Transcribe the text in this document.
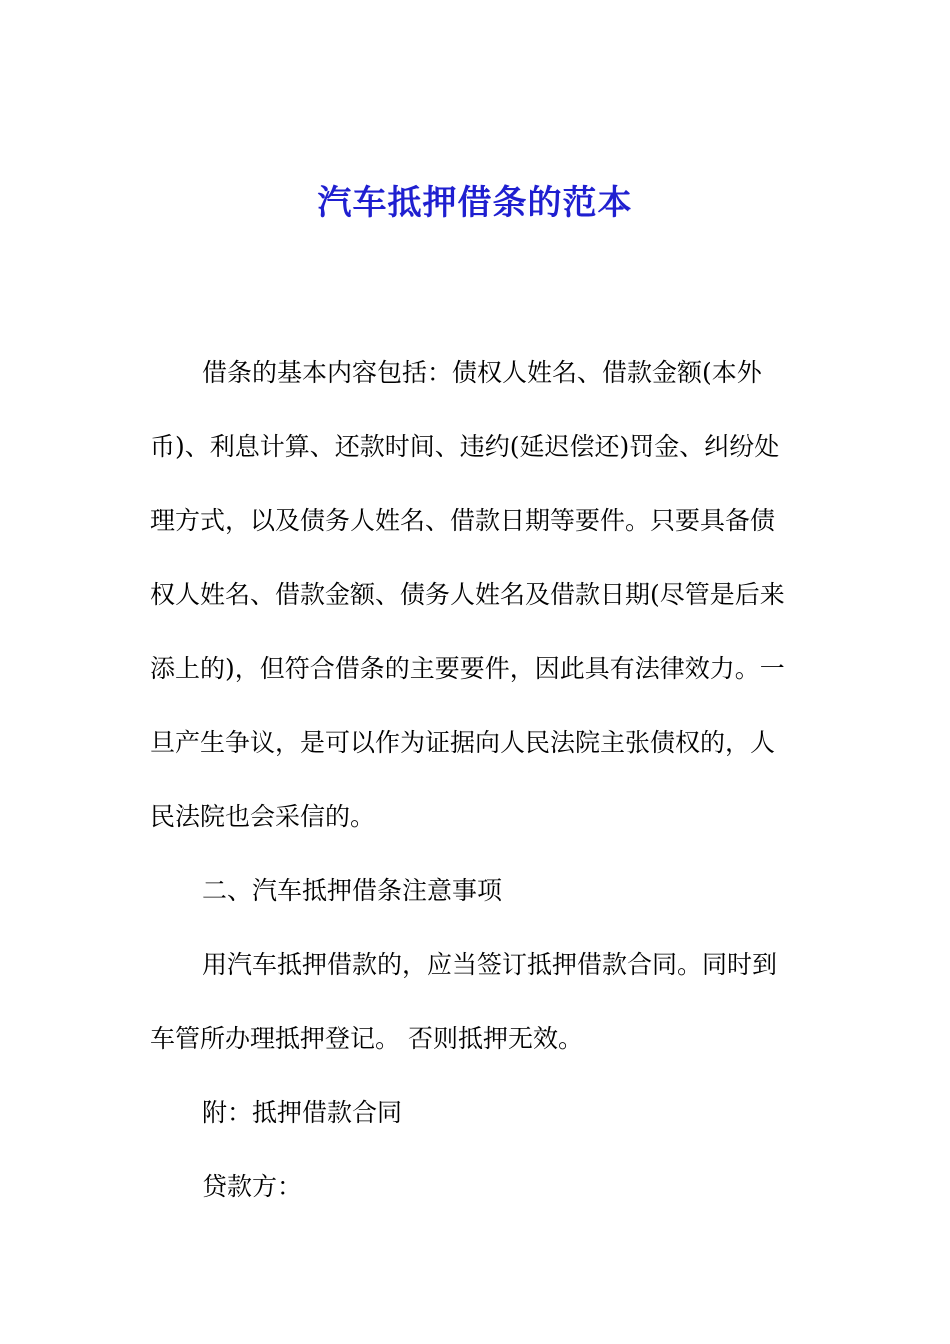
汽车抵押借条的范本
借条的基本内容包括：债权人姓名、借款金额(本外
币)、利息计算、还款时间、违约(延迟偿还)罚金、纠纷处
理方式，以及债务人姓名、借款日期等要件。只要具备债
权人姓名、借款金额、债务人姓名及借款日期(尽管是后来
添上的)，但符合借条的主要要件，因此具有法律效力。一
旦产生争议，是可以作为证据向人民法院主张债权的，人
民法院也会采信的。
二、汽车抵押借条注意事项
用汽车抵押借款的，应当签订抵押借款合同。同时到
车管所办理抵押登记。 否则抵押无效。
附：抵押借款合同
贷款方：
